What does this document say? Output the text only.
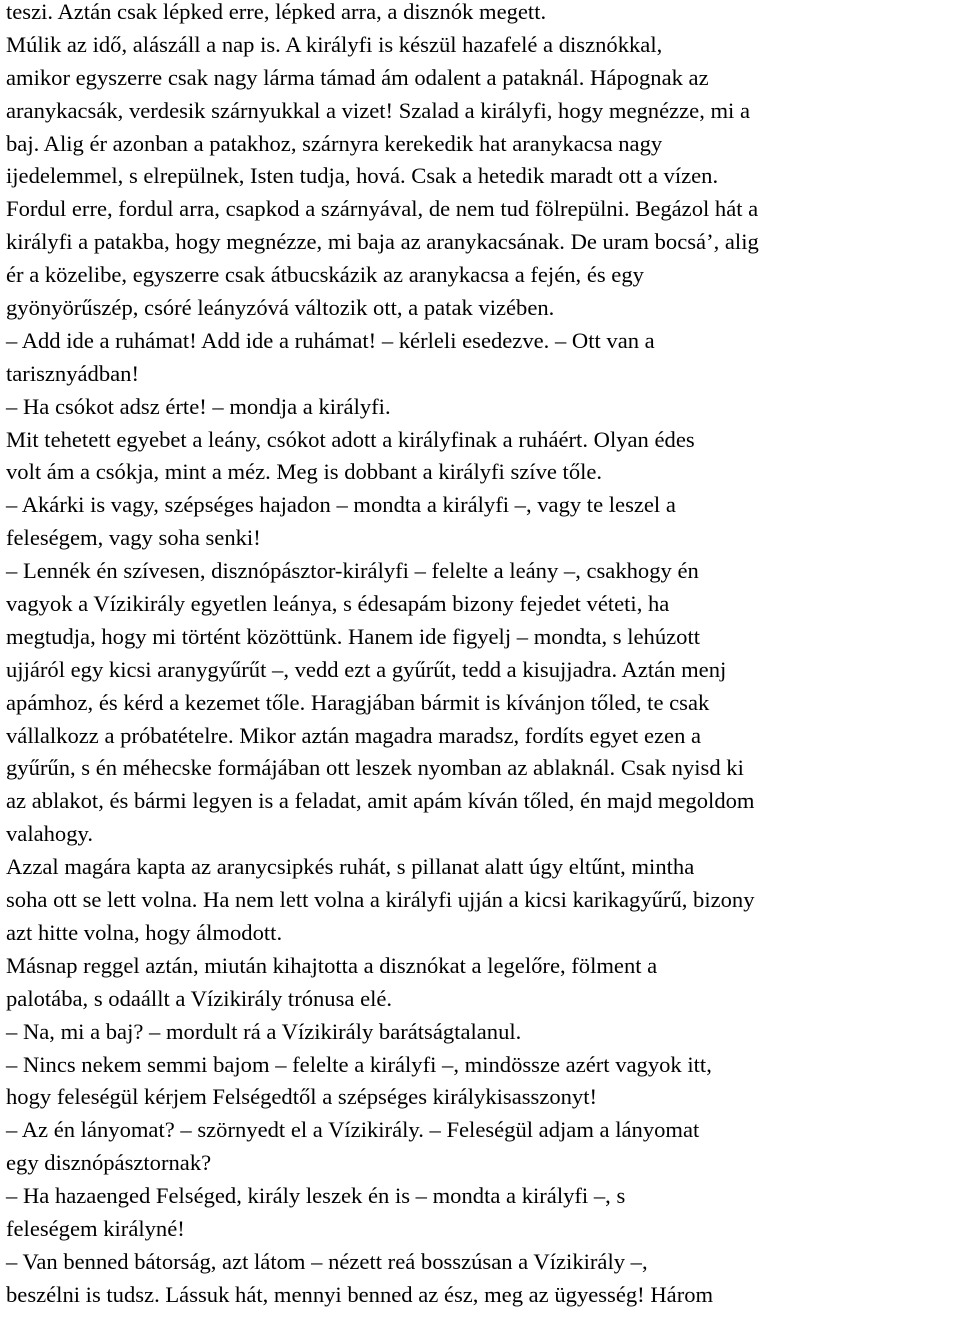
teszi. Aztán csak lépked erre, lépked arra, a disznók megett.
Múlik az idő, alászáll a nap is. A királyfi is készül hazafelé a disznókkal,
amikor egyszerre csak nagy lárma támad ám odalent a pataknál. Hápognak az
aranykacsák, verdesik szárnyukkal a vizet! Szalad a királyfi, hogy megnézze, mi a
baj. Alig ér azonban a patakhoz, szárnyra kerekedik hat aranykacsa nagy
ijedelemmel, s elrepülnek, Isten tudja, hová. Csak a hetedik maradt ott a vízen.
Fordul erre, fordul arra, csapkod a szárnyával, de nem tud fölrepülni. Begázol hát a
királyfi a patakba, hogy megnézze, mi baja az aranykacsának. De uram bocsá’, alig
ér a közelibe, egyszerre csak átbucskázik az aranykacsa a fején, és egy
gyönyörűszép, csóré leányzóvá változik ott, a patak vizében.
– Add ide a ruhámat! Add ide a ruhámat! – kérleli esedezve. – Ott van a
tarisznyádban!
– Ha csókot adsz érte! – mondja a királyfi.
Mit tehetett egyebet a leány, csókot adott a királyfinak a ruháért. Olyan édes
volt ám a csókja, mint a méz. Meg is dobbant a királyfi szíve tőle.
– Akárki is vagy, szépséges hajadon – mondta a királyfi –, vagy te leszel a
feleségem, vagy soha senki!
– Lennék én szívesen, disznópásztor-királyfi – felelte a leány –, csakhogy én
vagyok a Vízikirály egyetlen leánya, s édesapám bizony fejedet véteti, ha
megtudja, hogy mi történt közöttünk. Hanem ide figyelj – mondta, s lehúzott
ujjáról egy kicsi aranygyűrűt –, vedd ezt a gyűrűt, tedd a kisujjadra. Aztán menj
apámhoz, és kérd a kezemet tőle. Haragjában bármit is kívánjon tőled, te csak
vállalkozz a próbatételre. Mikor aztán magadra maradsz, fordíts egyet ezen a
gyűrűn, s én méhecske formájában ott leszek nyomban az ablaknál. Csak nyisd ki
az ablakot, és bármi legyen is a feladat, amit apám kíván tőled, én majd megoldom
valahogy.
Azzal magára kapta az aranycsipkés ruhát, s pillanat alatt úgy eltűnt, mintha
soha ott se lett volna. Ha nem lett volna a királyfi ujján a kicsi karikagyűrű, bizony
azt hitte volna, hogy álmodott.
Másnap reggel aztán, miután kihajtotta a disznókat a legelőre, fölment a
palotába, s odaállt a Vízikirály trónusa elé.
– Na, mi a baj? – mordult rá a Vízikirály barátságtalanul.
– Nincs nekem semmi bajom – felelte a királyfi –, mindössze azért vagyok itt,
hogy feleségül kérjem Felségedtől a szépséges királykisasszonyt!
– Az én lányomat? – szörnyedt el a Vízikirály. – Feleségül adjam a lányomat
egy disznópásztornak?
– Ha hazaenged Felséged, király leszek én is – mondta a királyfi –, s
feleségem királyné!
– Van benned bátorság, azt látom – nézett reá bosszúsan a Vízikirály –,
beszélni is tudsz. Lássuk hát, mennyi benned az ész, meg az ügyesség! Három
